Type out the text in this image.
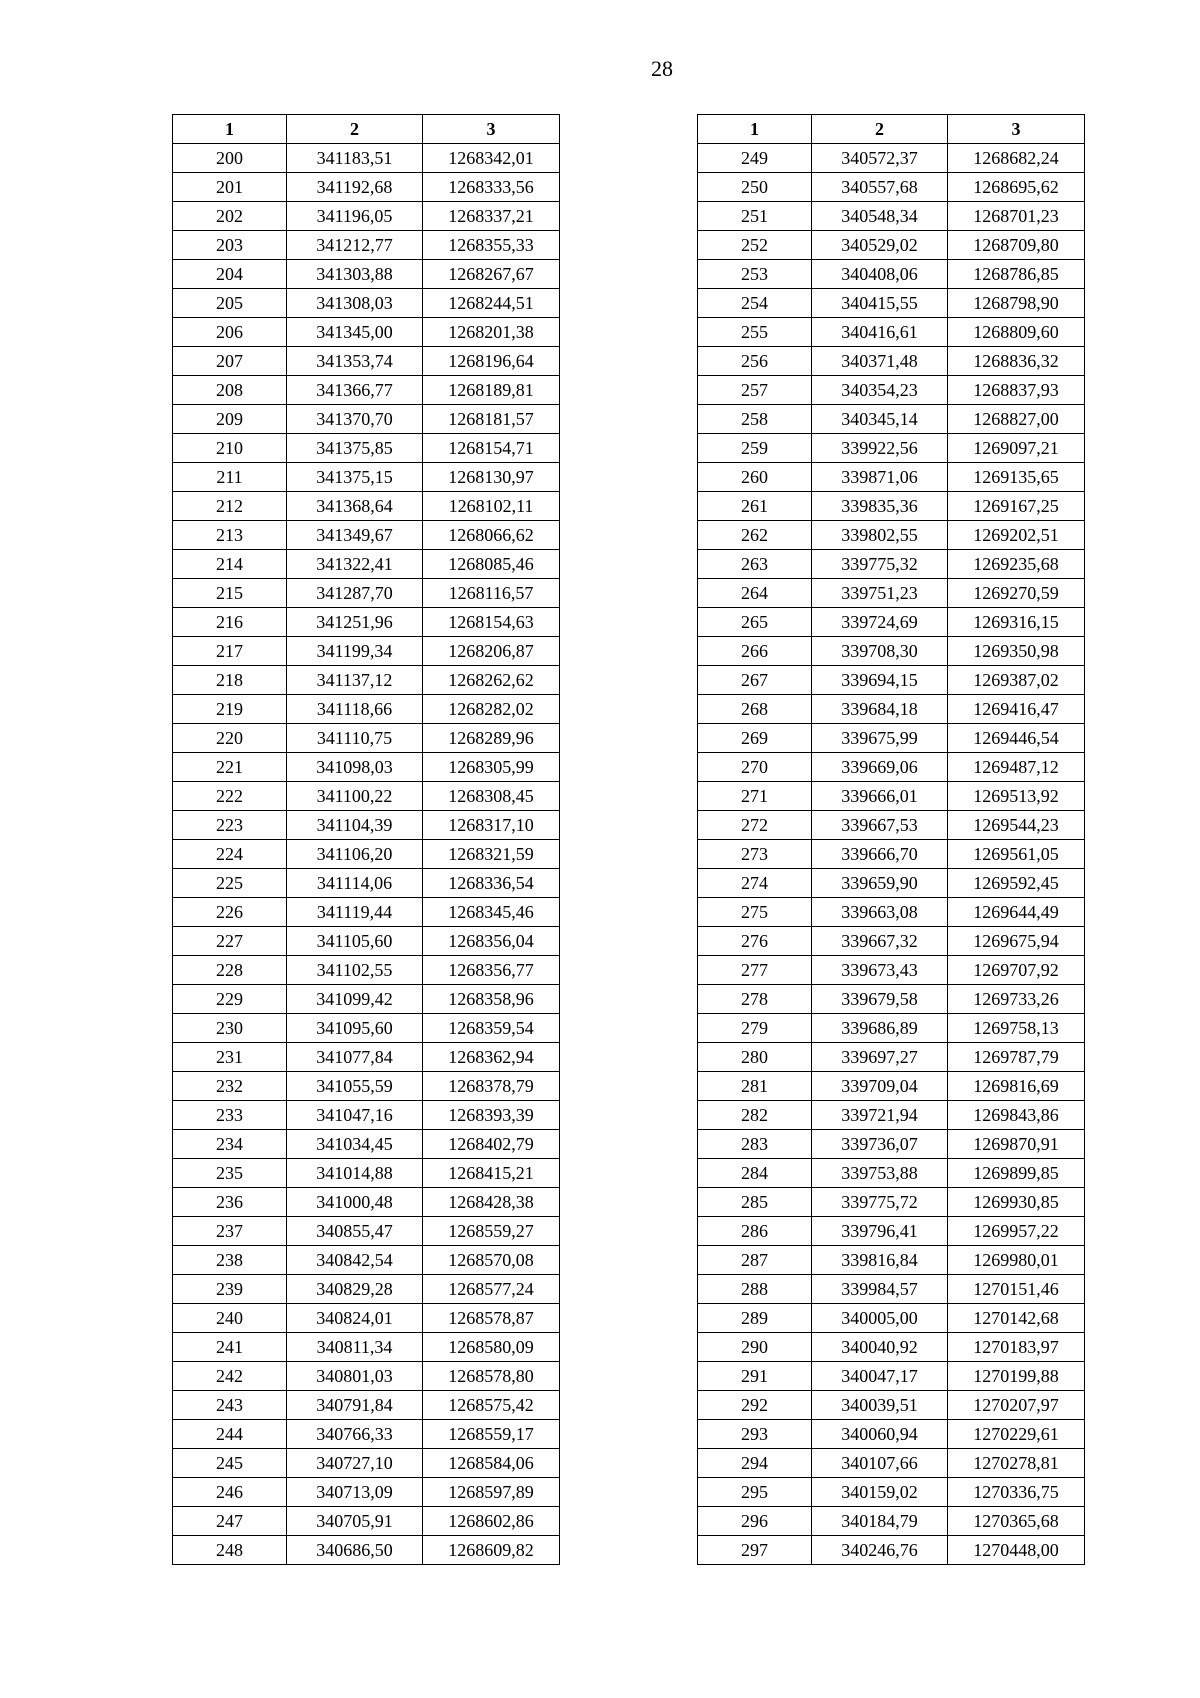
28
1	2	3
200	341183,51	1268342,01
201	341192,68	1268333,56
202	341196,05	1268337,21
203	341212,77	1268355,33
204	341303,88	1268267,67
205	341308,03	1268244,51
206	341345,00	1268201,38
207	341353,74	1268196,64
208	341366,77	1268189,81
209	341370,70	1268181,57
210	341375,85	1268154,71
211	341375,15	1268130,97
212	341368,64	1268102,11
213	341349,67	1268066,62
214	341322,41	1268085,46
215	341287,70	1268116,57
216	341251,96	1268154,63
217	341199,34	1268206,87
218	341137,12	1268262,62
219	341118,66	1268282,02
220	341110,75	1268289,96
221	341098,03	1268305,99
222	341100,22	1268308,45
223	341104,39	1268317,10
224	341106,20	1268321,59
225	341114,06	1268336,54
226	341119,44	1268345,46
227	341105,60	1268356,04
228	341102,55	1268356,77
229	341099,42	1268358,96
230	341095,60	1268359,54
231	341077,84	1268362,94
232	341055,59	1268378,79
233	341047,16	1268393,39
234	341034,45	1268402,79
235	341014,88	1268415,21
236	341000,48	1268428,38
237	340855,47	1268559,27
238	340842,54	1268570,08
239	340829,28	1268577,24
240	340824,01	1268578,87
241	340811,34	1268580,09
242	340801,03	1268578,80
243	340791,84	1268575,42
244	340766,33	1268559,17
245	340727,10	1268584,06
246	340713,09	1268597,89
247	340705,91	1268602,86
248	340686,50	1268609,82
1	2	3
249	340572,37	1268682,24
250	340557,68	1268695,62
251	340548,34	1268701,23
252	340529,02	1268709,80
253	340408,06	1268786,85
254	340415,55	1268798,90
255	340416,61	1268809,60
256	340371,48	1268836,32
257	340354,23	1268837,93
258	340345,14	1268827,00
259	339922,56	1269097,21
260	339871,06	1269135,65
261	339835,36	1269167,25
262	339802,55	1269202,51
263	339775,32	1269235,68
264	339751,23	1269270,59
265	339724,69	1269316,15
266	339708,30	1269350,98
267	339694,15	1269387,02
268	339684,18	1269416,47
269	339675,99	1269446,54
270	339669,06	1269487,12
271	339666,01	1269513,92
272	339667,53	1269544,23
273	339666,70	1269561,05
274	339659,90	1269592,45
275	339663,08	1269644,49
276	339667,32	1269675,94
277	339673,43	1269707,92
278	339679,58	1269733,26
279	339686,89	1269758,13
280	339697,27	1269787,79
281	339709,04	1269816,69
282	339721,94	1269843,86
283	339736,07	1269870,91
284	339753,88	1269899,85
285	339775,72	1269930,85
286	339796,41	1269957,22
287	339816,84	1269980,01
288	339984,57	1270151,46
289	340005,00	1270142,68
290	340040,92	1270183,97
291	340047,17	1270199,88
292	340039,51	1270207,97
293	340060,94	1270229,61
294	340107,66	1270278,81
295	340159,02	1270336,75
296	340184,79	1270365,68
297	340246,76	1270448,00
